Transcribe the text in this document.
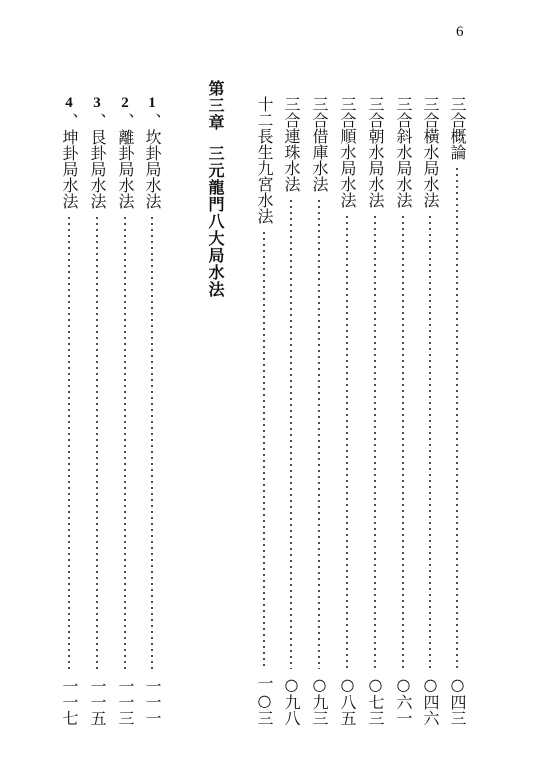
6
三合概論
○四三
三合橫水局水法
○四六
三合斜水局水法
○六一
三合朝水局水法
○七三
三合順水局水法
○八五
三合借庫水法
○九三
三合連珠水法
○九八
十二長生九宮水法
一○三
第三章三元龍門八大局水法
1
、坎卦局水法
一一一
2
、離卦局水法
一一三
3
、艮卦局水法
一一五
4
、坤卦局水法
一一七
